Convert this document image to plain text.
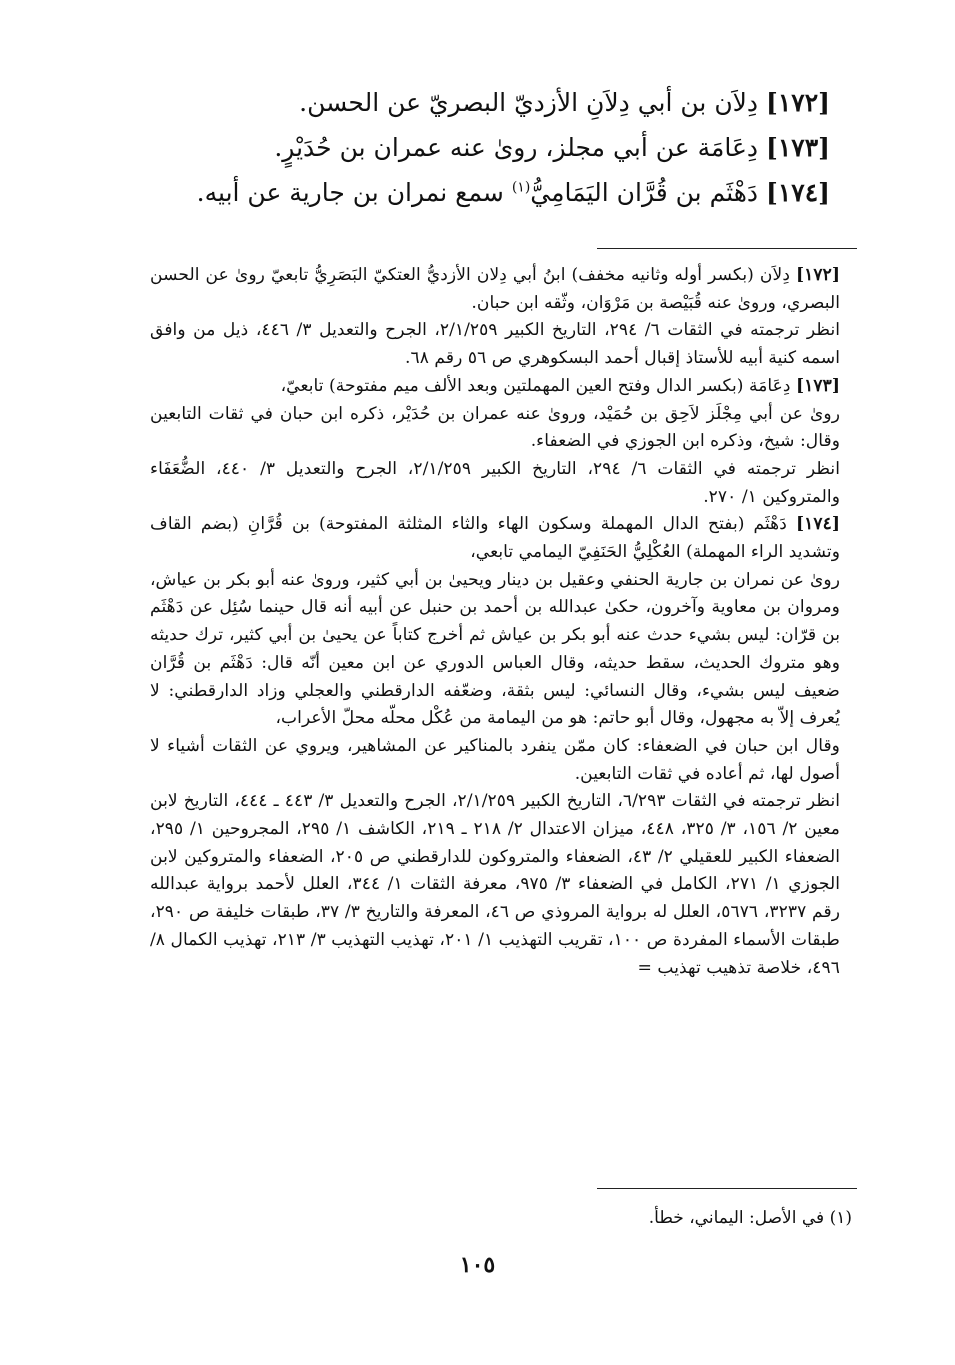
[١٧٢] دِلاَن بن أبي دِلاَنِ الأزديّ البصريّ عن الحسن.

[١٧٣] دِعَامَة عن أبي مجلز، روىٰ عنه عمران بن حُدَيْرٍ.

[١٧٤] دَهْثَم بن قُرَّان اليَمَامِيُّ$^{(١)}$ سمع نمران بن جارية عن أبيه.

[١٧٢] دِلاَن (بكسر أوله وثانيه مخفف) ابنُ أبي دِلان الأزديُّ العتكيّ البَصَرِيُّ تابعيّ روىٰ عن الحسن البصري، وروىٰ عنه قُبَيْصة بن مَرْوَان، وثّقه ابن حبان.

انظر ترجمته في الثقات ٦/ ٢٩٤، التاريخ الكبير ٢/١/٢٥٩، الجرح والتعديل ٣/ ٤٤٦، ذيل من وافق اسمه كنية أبيه للأستاذ إقبال أحمد البسكوهري ص ٥٦ رقم ٦٨.

[١٧٣] دِعَامَة (بكسر الدال وفتح العين المهملتين وبعد الألف ميم مفتوحة) تابعيّ،

روىٰ عن أبي مِجْلَز لاَحِق بن حُمَيْد، وروىٰ عنه عمران بن حُدَيْر، ذكره ابن حبان في ثقات التابعين وقال: شيخ، وذكره ابن الجوزي في الضعفاء.

انظر ترجمته في الثقات ٦/ ٢٩٤، التاريخ الكبير ٢/١/٢٥٩، الجرح والتعديل ٣/ ٤٤٠، الضُّعَفَاء والمتروكين ١/ ٢٧٠.

[١٧٤] دَهْثَم (بفتح الدال المهملة وسكون الهاء والثاء المثلثة المفتوحة) بن قُرَّانِ (بضم القاف وتشديد الراء المهملة) العُكْلِيُّ الحَنَفِيّ اليمامي تابعي،

روىٰ عن نمران بن جارية الحنفي وعقيل بن دينار ويحيىٰ بن أبي كثير، وروىٰ عنه أبو بكر بن عياش، ومروان بن معاوية وآخرون، حكىٰ عبدالله بن أحمد بن حنبل عن أبيه أنه قال حينما سُئِل عن دَهْثَم بن قرّان: ليس بشيء حدث عنه أبو بكر بن عياش ثم أخرج كتاباً عن يحيىٰ بن أبي كثير، ترك حديثه وهو متروك الحديث، سقط حديثه، وقال العباس الدوري عن ابن معين أنّه قال: دَهْثَم بن قُرَّان ضعيف ليس بشيء، وقال النسائي: ليس بثقة، وضعّفه الدارقطني والعجلي وزاد الدارقطني: لا يُعرف إلاّ به مجهول، وقال أبو حاتم: هو من اليمامة من عُكْل محلّه محلّ الأعراب،

وقال ابن حبان في الضعفاء: كان ممّن ينفرد بالمناكير عن المشاهير، ويروي عن الثقات أشياء لا أصول لها، ثم أعاده في ثقات التابعين.

انظر ترجمته في الثقات ٦/٢٩٣، التاريخ الكبير ٢/١/٢٥٩، الجرح والتعديل ٣/ ٤٤٣ ـ ٤٤٤، التاريخ لابن معين ٢/ ١٥٦، ٣/ ٣٢٥، ٤٤٨، ميزان الاعتدال ٢/ ٢١٨ ـ ٢١٩، الكاشف ١/ ٢٩٥، المجروحين ١/ ٢٩٥، الضعفاء الكبير للعقيلي ٢/ ٤٣، الضعفاء والمتروكون للدارقطني ص ٢٠٥، الضعفاء والمتروكين لابن الجوزي ١/ ٢٧١، الكامل في الضعفاء ٣/ ٩٧٥، معرفة الثقات ١/ ٣٤٤، العلل لأحمد برواية عبدالله رقم ٣٢٣٧، ٥٦٧٦، العلل له برواية المروذي ص ٤٦، المعرفة والتاريخ ٣/ ٣٧، طبقات خليفة ص ٢٩٠، طبقات الأسماء المفردة ص ١٠٠، تقريب التهذيب ١/ ٢٠١، تهذيب التهذيب ٣/ ٢١٣، تهذيب الكمال ٨/ ٤٩٦، خلاصة تذهيب تهذيب =

(١) في الأصل: اليماني، خطأ.
١٠٥
